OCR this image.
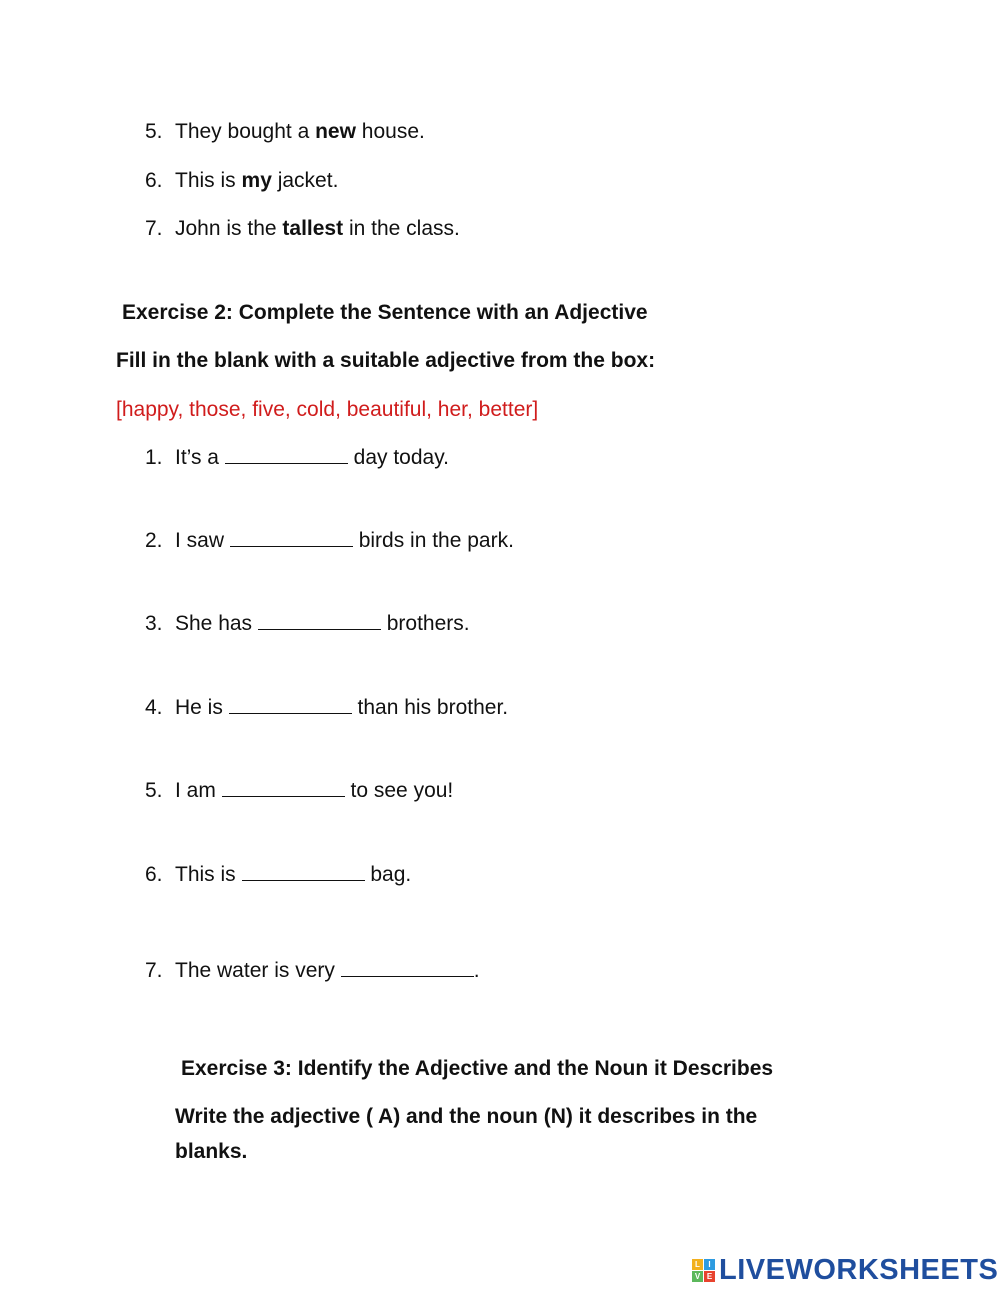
5. They bought a new house.
6. This is my jacket.
7. John is the tallest in the class.
Exercise 2: Complete the Sentence with an Adjective
Fill in the blank with a suitable adjective from the box:
[happy, those, five, cold, beautiful, her, better]
1. It’s a	day today.
2. I saw	birds in the park.
3. She has	brothers.
4. He is	than his brother.
5. I am	to see you!
6. This is	bag.
7. The water is very	.
Exercise 3: Identify the Adjective and the Noun it Describes
Write the adjective ( A) and the noun (N) it describes in the
blanks.
L	I
V E LIVEWORKSHEETS
